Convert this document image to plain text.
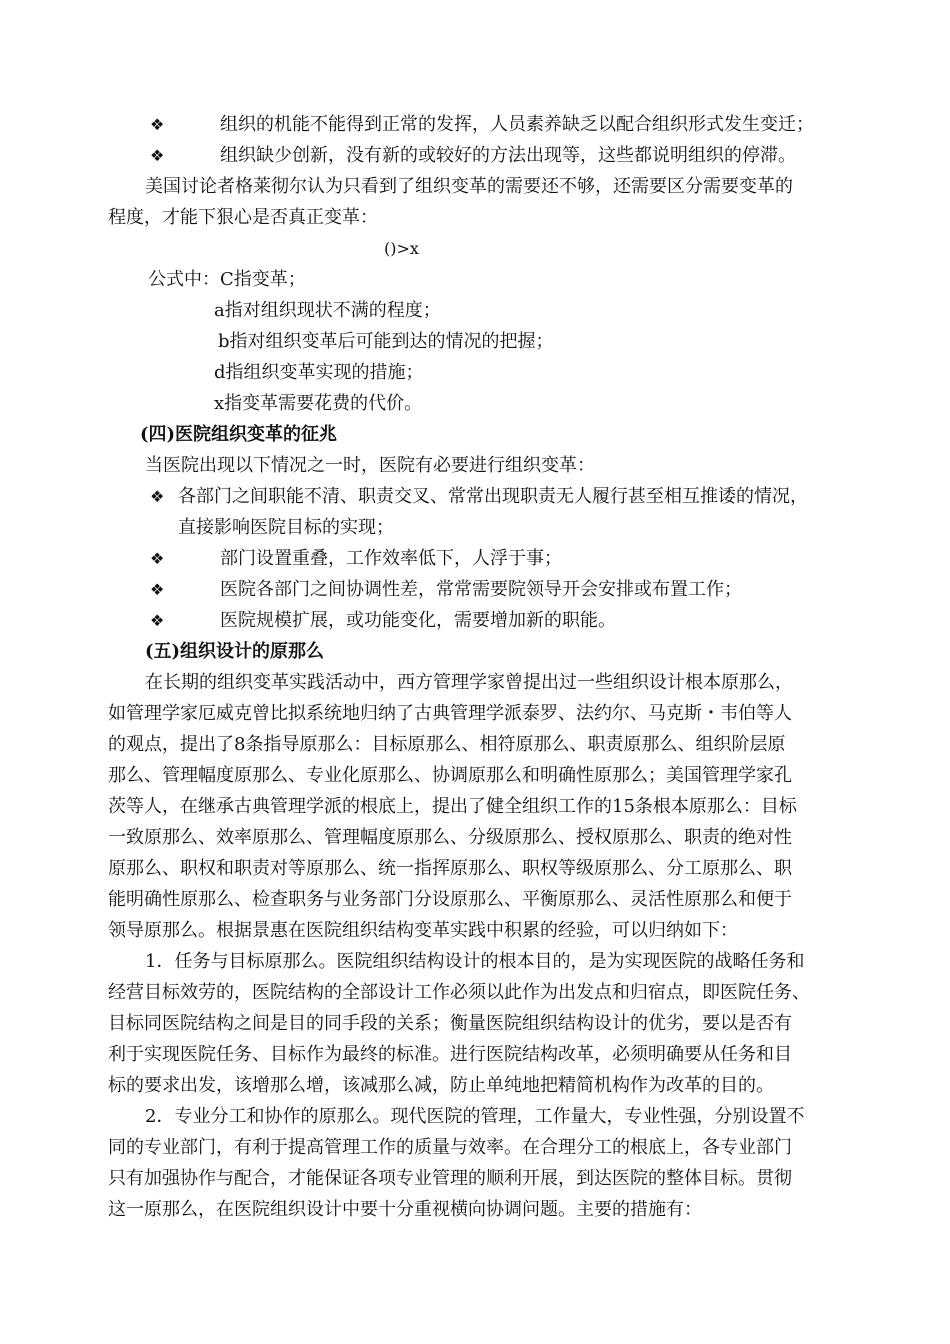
❖	组织的机能不能得到正常的发挥，人员素养缺乏以配合组织形式发生变迁；
❖	组织缺少创新，没有新的或较好的方法出现等，这些都说明组织的停滞。
美国讨论者格莱彻尔认为只看到了组织变革的需要还不够，还需要区分需要变革的
程度，才能下狠心是否真正变革：
()>x
公式中：C指变革；
a指对组织现状不满的程度；
b指对组织变革后可能到达的情况的把握；
d指组织变革实现的措施；
x指变革需要花费的代价。
(四)医院组织变革的征兆
当医院出现以下情况之一时，医院有必要进行组织变革：
❖ 各部门之间职能不清、职责交叉、常常出现职责无人履行甚至相互推诿的情况，
直接影响医院目标的实现；
❖	部门设置重叠，工作效率低下，人浮于事；
❖	医院各部门之间协调性差，常常需要院领导开会安排或布置工作；
❖	医院规模扩展，或功能变化，需要增加新的职能。
(五)组织设计的原那么
在长期的组织变革实践活动中，西方管理学家曾提出过一些组织设计根本原那么，
如管理学家厄威克曾比拟系统地归纳了古典管理学派泰罗、法约尔、马克斯・韦伯等人
的观点，提出了8条指导原那么：目标原那么、相符原那么、职责原那么、组织阶层原
那么、管理幅度原那么、专业化原那么、协调原那么和明确性原那么；美国管理学家孔
茨等人，在继承古典管理学派的根底上，提出了健全组织工作的15条根本原那么：目标
一致原那么、效率原那么、管理幅度原那么、分级原那么、授权原那么、职责的绝对性
原那么、职权和职责对等原那么、统一指挥原那么、职权等级原那么、分工原那么、职
能明确性原那么、检查职务与业务部门分设原那么、平衡原那么、灵活性原那么和便于
领导原那么。根据景惠在医院组织结构变革实践中积累的经验，可以归纳如下：
1．任务与目标原那么。医院组织结构设计的根本目的，是为实现医院的战略任务和
经营目标效劳的，医院结构的全部设计工作必须以此作为出发点和归宿点，即医院任务、
目标同医院结构之间是目的同手段的关系；衡量医院组织结构设计的优劣，要以是否有
利于实现医院任务、目标作为最终的标准。进行医院结构改革，必须明确要从任务和目
标的要求出发，该增那么增，该减那么减，防止单纯地把精简机构作为改革的目的。
2．专业分工和协作的原那么。现代医院的管理，工作量大，专业性强，分别设置不
同的专业部门，有利于提高管理工作的质量与效率。在合理分工的根底上，各专业部门
只有加强协作与配合，才能保证各项专业管理的顺利开展，到达医院的整体目标。贯彻
这一原那么，在医院组织设计中要十分重视横向协调问题。主要的措施有：
